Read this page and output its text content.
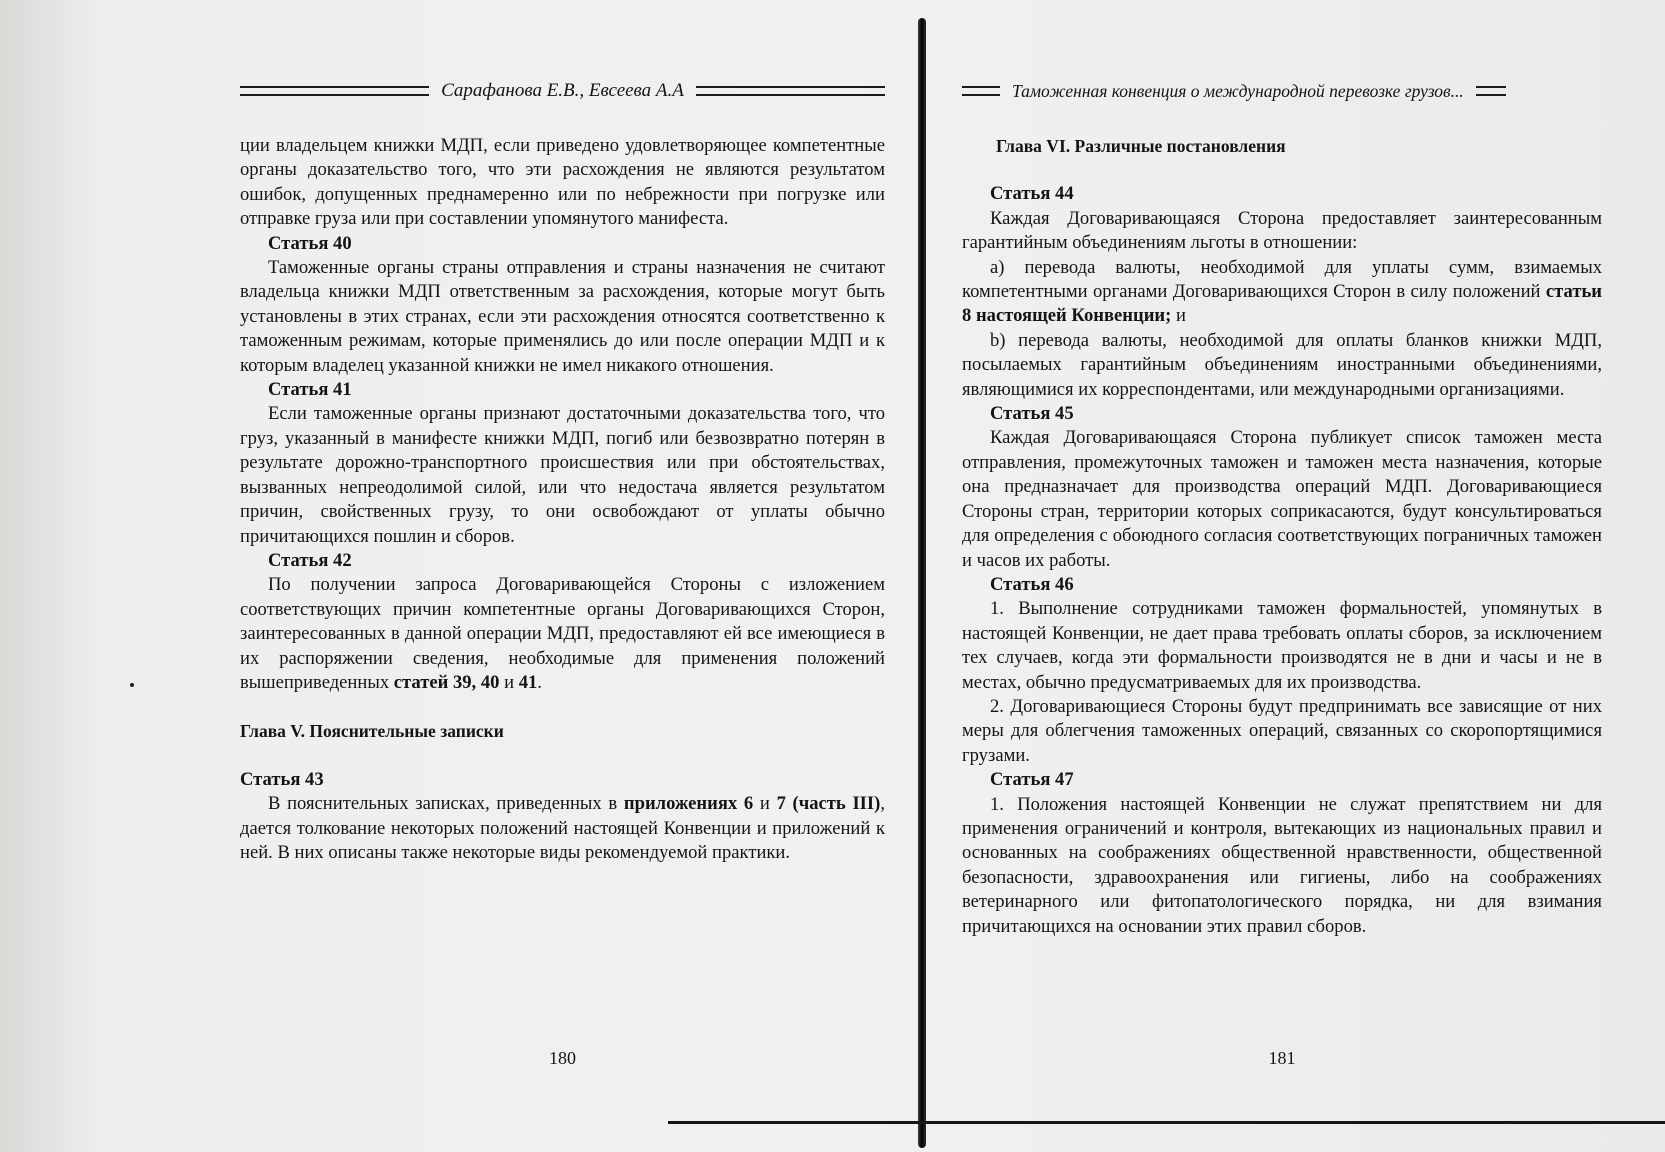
Сарафанова Е.В., Евсеева А.А

ции владельцем книжки МДП, если приведено удовлетворяющее компетентные органы доказательство того, что эти расхождения не являются результатом ошибок, допущенных преднамеренно или по небрежности при погрузке или отправке груза или при составлении упомянутого манифеста.

Статья 40

Таможенные органы страны отправления и страны назначения не считают владельца книжки МДП ответственным за расхождения, которые могут быть установлены в этих странах, если эти расхождения относятся соответственно к таможенным режимам, которые применялись до или после операции МДП и к которым владелец указанной книжки не имел никакого отношения.

Статья 41

Если таможенные органы признают достаточными доказательства того, что груз, указанный в манифесте книжки МДП, погиб или безвозвратно потерян в результате дорожно-транспортного происшествия или при обстоятельствах, вызванных непреодолимой силой, или что недостача является результатом причин, свойственных грузу, то они освобождают от уплаты обычно причитающихся пошлин и сборов.

Статья 42

По получении запроса Договаривающейся Стороны с изложением соответствующих причин компетентные органы Договаривающихся Сторон, заинтересованных в данной операции МДП, предоставляют ей все имеющиеся в их распоряжении сведения, необходимые для применения положений вышеприведенных статей 39, 40 и 41.

Глава V. Пояснительные записки
Статья 43

В пояснительных записках, приведенных в приложениях 6 и 7 (часть III), дается толкование некоторых положений настоящей Конвенции и приложений к ней. В них описаны также некоторые виды рекомендуемой практики.

180
Таможенная конвенция о международной перевозке грузов...
Глава VI. Различные постановления
Статья 44

Каждая Договаривающаяся Сторона предоставляет заинтересованным гарантийным объединениям льготы в отношении:

a) перевода валюты, необходимой для уплаты сумм, взимаемых компетентными органами Договаривающихся Сторон в силу положений статьи 8 настоящей Конвенции; и

b) перевода валюты, необходимой для оплаты бланков книжки МДП, посылаемых гарантийным объединениям иностранными объединениями, являющимися их корреспондентами, или международными организациями.

Статья 45

Каждая Договаривающаяся Сторона публикует список таможен места отправления, промежуточных таможен и таможен места назначения, которые она предназначает для производства операций МДП. Договаривающиеся Стороны стран, территории которых соприкасаются, будут консультироваться для определения с обоюдного согласия соответствующих пограничных таможен и часов их работы.

Статья 46

1. Выполнение сотрудниками таможен формальностей, упомянутых в настоящей Конвенции, не дает права требовать оплаты сборов, за исключением тех случаев, когда эти формальности производятся не в дни и часы и не в местах, обычно предусматриваемых для их производства.

2. Договаривающиеся Стороны будут предпринимать все зависящие от них меры для облегчения таможенных операций, связанных со скоропортящимися грузами.

Статья 47

1. Положения настоящей Конвенции не служат препятствием ни для применения ограничений и контроля, вытекающих из национальных правил и основанных на соображениях общественной нравственности, общественной безопасности, здравоохранения или гигиены, либо на соображениях ветеринарного или фитопатологического порядка, ни для взимания причитающихся на основании этих правил сборов.

181
